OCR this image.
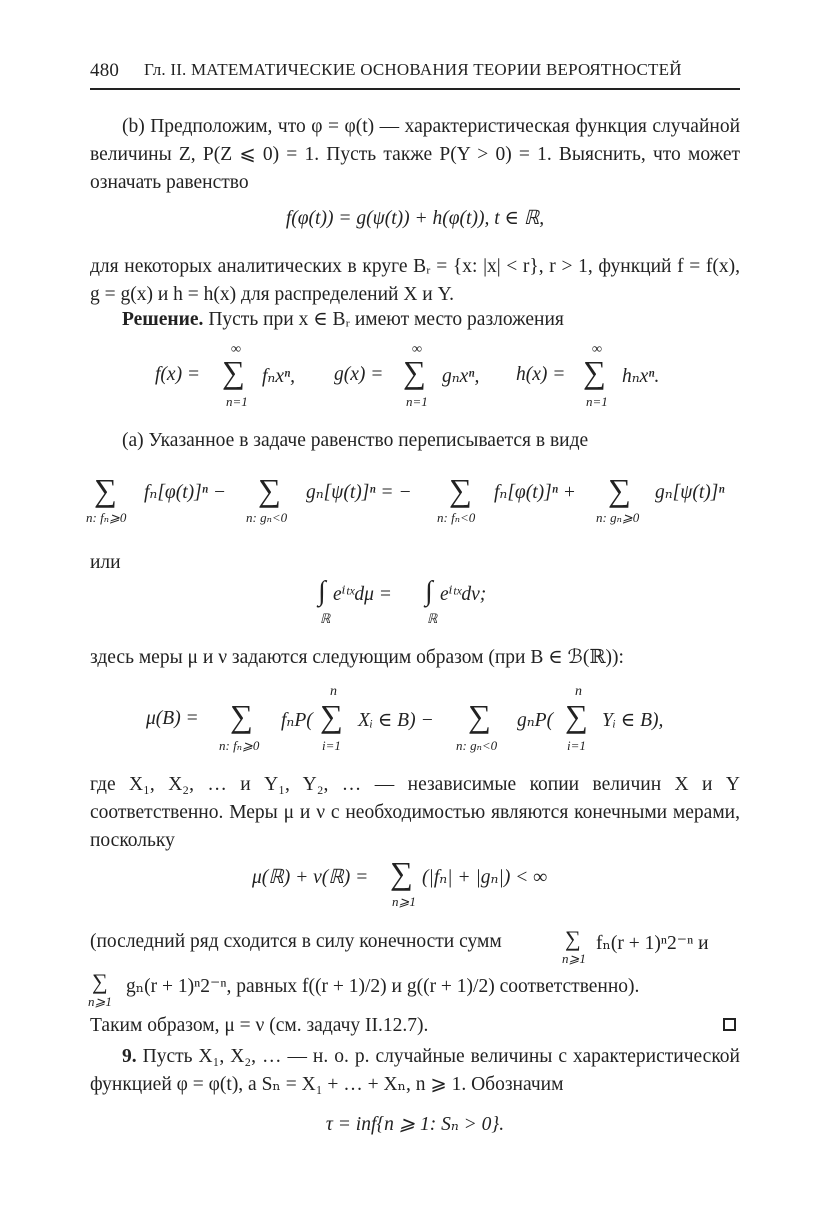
480 Гл. II. МАТЕМАТИЧЕСКИЕ ОСНОВАНИЯ ТЕОРИИ ВЕРОЯТНОСТЕЙ
(b) Предположим, что φ = φ(t) — характеристическая функция случайной величины Z, P(Z ⩽ 0) = 1. Пусть также P(Y > 0) = 1. Выяснить, что может означать равенство
f(φ(t)) = g(ψ(t)) + h(φ(t)), t ∈ ℝ,
для некоторых аналитических в круге Bᵣ = {x: |x| < r}, r > 1, функций f = f(x), g = g(x) и h = h(x) для распределений X и Y.
Решение. Пусть при x ∈ Bᵣ имеют место разложения
f(x) =
∞
∑
n=1
fₙxⁿ, g(x) =
∞
∑
n=1
gₙxⁿ, h(x) =
∞
∑
n=1
hₙxⁿ.
(a) Указанное в задаче равенство переписывается в виде
∑
n: fₙ⩾0
fₙ[φ(t)]ⁿ − ∑
n: gₙ<0
gₙ[ψ(t)]ⁿ = − ∑
n: fₙ<0
fₙ[φ(t)]ⁿ + ∑
n: gₙ⩾0
gₙ[ψ(t)]ⁿ
или
∫
ℝ
eⁱᵗˣdμ = ∫
ℝ
eⁱᵗˣdν;
здесь меры μ и ν задаются следующим образом (при B ∈ ℬ(ℝ)):
μ(B) = ∑
n: fₙ⩾0
fₙP(
n
∑
i=1
Xᵢ ∈ B) − ∑
n: gₙ<0
gₙP(
n
∑
i=1
Yᵢ ∈ B),
где X₁, X₂, … и Y₁, Y₂, … — независимые копии величин X и Y соответственно. Меры μ и ν с необходимостью являются конечными мерами, поскольку
μ(ℝ) + ν(ℝ) = ∑
n⩾1
(|fₙ| + |gₙ|) < ∞
(последний ряд сходится в силу конечности сумм	∑
n⩾1
fₙ(r + 1)ⁿ2⁻ⁿ и
∑
n⩾1
gₙ(r + 1)ⁿ2⁻ⁿ, равных f((r + 1)/2) и g((r + 1)/2) соответственно).
Таким образом, μ = ν (см. задачу II.12.7).
9. Пусть X₁, X₂, … — н. о. р. случайные величины с характеристической функцией φ = φ(t), а Sₙ = X₁ + … + Xₙ, n ⩾ 1. Обозначим
τ = inf{n ⩾ 1: Sₙ > 0}.
